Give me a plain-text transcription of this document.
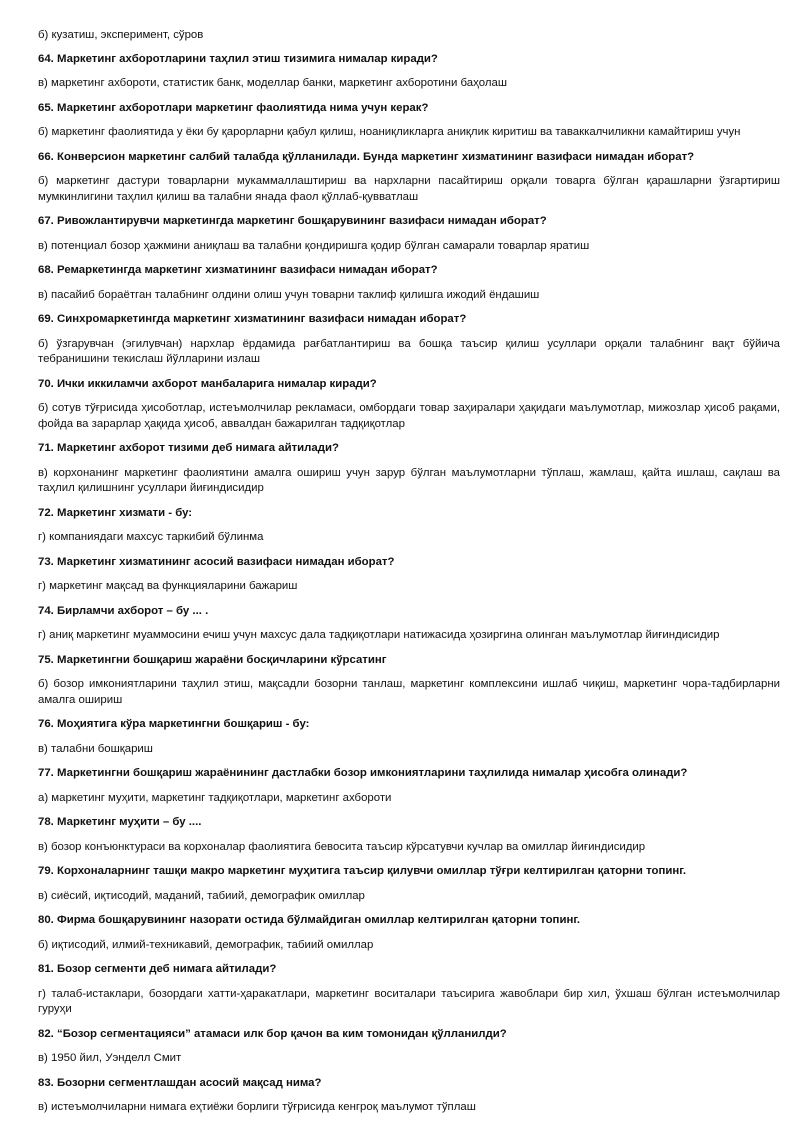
б) кузатиш, эксперимент, сўров

64. Маркетинг ахборотларини таҳлил этиш тизимига нималар киради?

в) маркетинг ахбороти, статистик банк, моделлар банки, маркетинг ахборотини баҳолаш

65. Маркетинг ахборотлари маркетинг фаолиятида нима учун керак?

б) маркетинг фаолиятида у ёки бу қарорларни қабул қилиш, ноаниқликларга аниқлик киритиш ва таваккалчиликни камайтириш учун

66. Конверсион маркетинг салбий талабда қўлланилади. Бунда маркетинг хизматининг вазифаси нимадан иборат?

б) маркетинг дастури товарларни мукаммаллаштириш ва нархларни пасайтириш орқали товарга бўлган қарашларни ўзгартириш мумкинлигини таҳлил қилиш ва талабни янада фаол қўллаб-қувватлаш

67. Ривожлантирувчи маркетингда маркетинг бошқарувининг вазифаси нимадан иборат?

в) потенциал бозор ҳажмини аниқлаш ва талабни қондиришга қодир бўлган самарали товарлар яратиш

68. Ремаркетингда маркетинг хизматининг вазифаси нимадан иборат?

в) пасайиб бораётган талабнинг олдини олиш учун товарни таклиф қилишга ижодий ёндашиш

69. Синхромаркетингда маркетинг хизматининг вазифаси нимадан иборат?

б) ўзгарувчан (эгилувчан) нархлар ёрдамида рағбатлантириш ва бошқа таъсир қилиш усуллари орқали талабнинг вақт бўйича тебранишини текислаш йўлларини излаш

70. Ички иккиламчи ахборот манбаларига нималар киради?

б) сотув тўғрисида ҳисоботлар, истеъмолчилар рекламаси, омбордаги товар заҳиралари ҳақидаги маълумотлар, мижозлар ҳисоб рақами, фойда ва зарарлар ҳақида ҳисоб, аввалдан бажарилган тадқиқотлар

71. Маркетинг ахборот тизими деб нимага айтилади?

в) корхонанинг маркетинг фаолиятини амалга ошириш учун зарур бўлган маълумотларни тўплаш, жамлаш, қайта ишлаш, сақлаш ва таҳлил қилишнинг усуллари йиғиндисидир

72. Маркетинг хизмати - бу:

г) компаниядаги махсус таркибий бўлинма

73. Маркетинг хизматининг асосий вазифаси нимадан иборат?

г) маркетинг мақсад ва функцияларини бажариш

74. Бирламчи ахборот – бу ... .

г) аниқ маркетинг муаммосини ечиш учун махсус дала тадқиқотлари натижасида ҳозиргина олинган маълумотлар йиғиндисидир

75. Маркетингни бошқариш жараёни босқичларини кўрсатинг

б) бозор имкониятларини таҳлил этиш, мақсадли бозорни танлаш, маркетинг комплексини ишлаб чиқиш, маркетинг чора-тадбирларни амалга ошириш

76. Моҳиятига кўра маркетингни бошқариш - бу:

в) талабни бошқариш

77. Маркетингни бошқариш жараёнининг дастлабки бозор имкониятларини таҳлилида нималар ҳисобга олинади?

а) маркетинг муҳити, маркетинг тадқиқотлари, маркетинг ахбороти

78. Маркетинг муҳити – бу ....

в) бозор конъюнктураси ва корхоналар фаолиятига бевосита таъсир кўрсатувчи кучлар ва омиллар йиғиндисидир

79. Корхоналарнинг ташқи макро маркетинг муҳитига таъсир қилувчи омиллар тўғри келтирилган қаторни топинг.

в) сиёсий, иқтисодий, маданий, табиий, демографик омиллар

80. Фирма бошқарувининг назорати остида бўлмайдиган омиллар келтирилган қаторни топинг.

б) иқтисодий, илмий-техникавий, демографик, табиий омиллар

81. Бозор сегменти деб нимага айтилади?

г) талаб-истаклари, бозордаги хатти-ҳаракатлари, маркетинг воситалари таъсирига жавоблари бир хил, ўхшаш бўлган истеъмолчилар гуруҳи

82. “Бозор сегментацияси” атамаси илк бор қачон ва ким томонидан қўлланилди?

в) 1950 йил, Уэнделл Смит

83. Бозорни сегментлашдан асосий мақсад нима?

в) истеъмолчиларни нимага еҳтиёжи борлиги тўғрисида кенгроқ маълумот тўплаш
